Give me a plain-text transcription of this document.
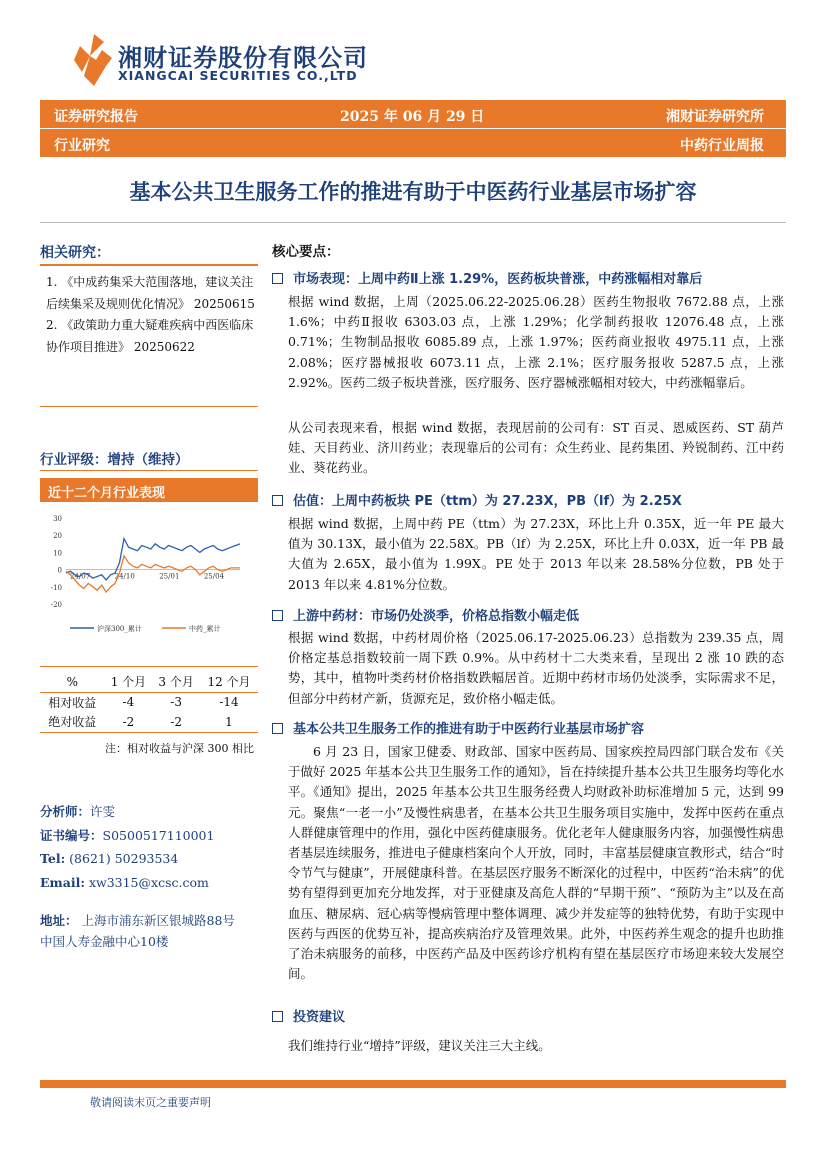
湘财证券股份有限公司
XIANGCAI SECURITIES CO.,LTD
证券研究报告	2025 年 06 月 29 日	湘财证券研究所
行业研究	中药行业周报
基本公共卫生服务工作的推进有助于中医药行业基层市场扩容
相关研究：
1. 《中成药集采大范围落地，建议关注后续集采及规则优化情况》 20250615
2. 《政策助力重大疑难疾病中西医临床协作项目推进》 20250622
行业评级：增持（维持）
近十二个月行业表现
30
20
10
0
-10
-20
24/07	24/10	25/01	25/04
沪深300_累计	中药_累计
%	1 个月	3 个月	12 个月
相对收益	-4	-3	-14
绝对收益	-2	-2	1
注：相对收益与沪深 300 相比
分析师：许雯
证书编号：S0500517110001
Tel: (8621) 50293534
Email: xw3315@xcsc.com
地址： 上海市浦东新区银城路88号
中国人寿金融中心10楼
核心要点：
市场表现：上周中药Ⅱ上涨 1.29%，医药板块普涨，中药涨幅相对靠后
根据 wind 数据，上周（2025.06.22-2025.06.28）医药生物报收 7672.88 点，上涨 1.6%；中药Ⅱ报收 6303.03 点，上涨 1.29%；化学制药报收 12076.48 点，上涨 0.71%；生物制品报收 6085.89 点，上涨 1.97%；医药商业报收 4975.11 点，上涨 2.08%；医疗器械报收 6073.11 点，上涨 2.1%；医疗服务报收 5287.5 点，上涨 2.92%。医药二级子板块普涨，医疗服务、医疗器械涨幅相对较大，中药涨幅靠后。
从公司表现来看，根据 wind 数据，表现居前的公司有：ST 百灵、恩威医药、ST 葫芦娃、天目药业、济川药业；表现靠后的公司有：众生药业、昆药集团、羚锐制药、江中药业、葵花药业。
估值：上周中药板块 PE（ttm）为 27.23X，PB（lf）为 2.25X
根据 wind 数据，上周中药 PE（ttm）为 27.23X，环比上升 0.35X，近一年 PE 最大值为 30.13X，最小值为 22.58X。PB（lf）为 2.25X，环比上升 0.03X，近一年 PB 最大值为 2.65X，最小值为 1.99X。PE 处于 2013 年以来 28.58%分位数，PB 处于 2013 年以来 4.81%分位数。
上游中药材：市场仍处淡季，价格总指数小幅走低
根据 wind 数据，中药材周价格（2025.06.17-2025.06.23）总指数为 239.35 点，周价格定基总指数较前一周下跌 0.9%。从中药材十二大类来看，呈现出 2 涨 10 跌的态势，其中，植物叶类药材价格指数跌幅居首。近期中药材市场仍处淡季，实际需求不足，但部分中药材产新，货源充足，致价格小幅走低。
基本公共卫生服务工作的推进有助于中医药行业基层市场扩容
6 月 23 日，国家卫健委、财政部、国家中医药局、国家疾控局四部门联合发布《关于做好 2025 年基本公共卫生服务工作的通知》，旨在持续提升基本公共卫生服务均等化水平。《通知》提出，2025 年基本公共卫生服务经费人均财政补助标准增加 5 元，达到 99 元。聚焦“一老一小”及慢性病患者，在基本公共卫生服务项目实施中，发挥中医药在重点人群健康管理中的作用，强化中医药健康服务。优化老年人健康服务内容，加强慢性病患者基层连续服务，推进电子健康档案向个人开放，同时，丰富基层健康宣教形式，结合“时令节气与健康”，开展健康科普。在基层医疗服务不断深化的过程中，中医药“治未病”的优势有望得到更加充分地发挥，对于亚健康及高危人群的“早期干预”、“预防为主”以及在高血压、糖尿病、冠心病等慢病管理中整体调理、减少并发症等的独特优势，有助于实现中医药与西医的优势互补，提高疾病治疗及管理效果。此外，中医药养生观念的提升也助推了治未病服务的前移，中医药产品及中医药诊疗机构有望在基层医疗市场迎来较大发展空间。
投资建议
我们维持行业“增持”评级，建议关注三大主线。
敬请阅读末页之重要声明
